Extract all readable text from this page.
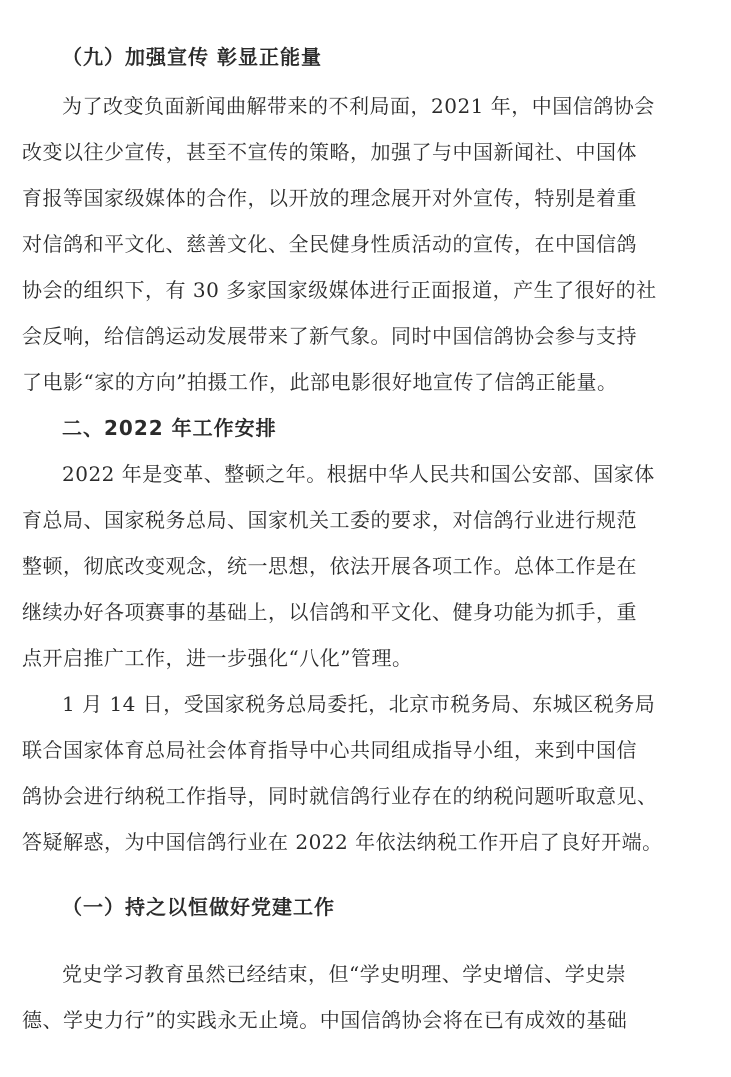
（九）加强宣传 彰显正能量
为了改变负面新闻曲解带来的不利局面，2021 年，中国信鸽协会
改变以往少宣传，甚至不宣传的策略，加强了与中国新闻社、中国体
育报等国家级媒体的合作，以开放的理念展开对外宣传，特别是着重
对信鸽和平文化、慈善文化、全民健身性质活动的宣传，在中国信鸽
协会的组织下，有 30 多家国家级媒体进行正面报道，产生了很好的社
会反响，给信鸽运动发展带来了新气象。同时中国信鸽协会参与支持
了电影“家的方向”拍摄工作，此部电影很好地宣传了信鸽正能量。
二、2022 年工作安排
2022 年是变革、整顿之年。根据中华人民共和国公安部、国家体
育总局、国家税务总局、国家机关工委的要求，对信鸽行业进行规范
整顿，彻底改变观念，统一思想，依法开展各项工作。总体工作是在
继续办好各项赛事的基础上，以信鸽和平文化、健身功能为抓手，重
点开启推广工作，进一步强化“八化”管理。
1 月 14 日，受国家税务总局委托，北京市税务局、东城区税务局
联合国家体育总局社会体育指导中心共同组成指导小组，来到中国信
鸽协会进行纳税工作指导，同时就信鸽行业存在的纳税问题听取意见、
答疑解惑，为中国信鸽行业在 2022 年依法纳税工作开启了良好开端。
（一）持之以恒做好党建工作
党史学习教育虽然已经结束，但“学史明理、学史增信、学史崇
德、学史力行”的实践永无止境。中国信鸽协会将在已有成效的基础
